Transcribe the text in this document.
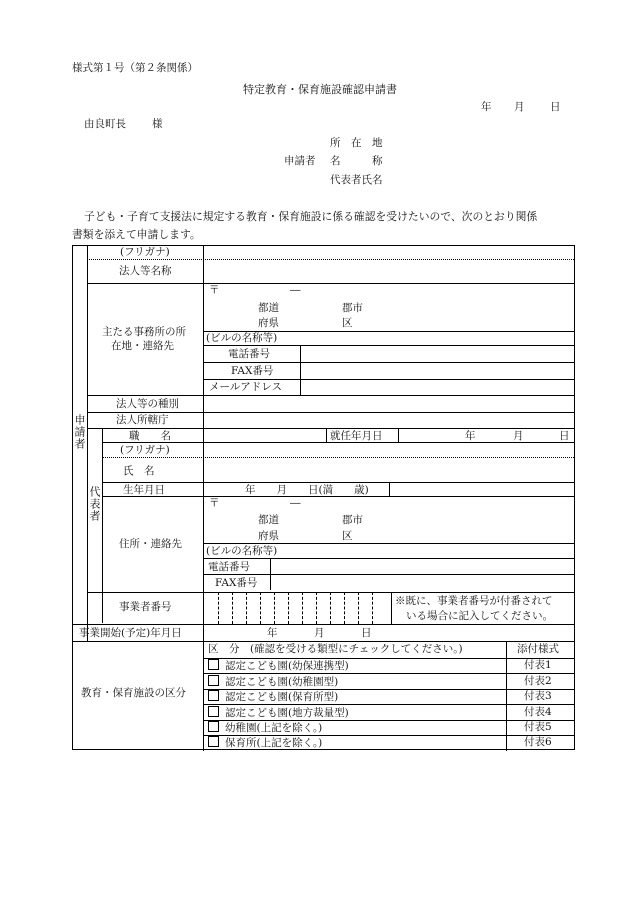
様式第１号（第２条関係）
特定教育・保育施設確認申請書
年 月 日
由良町長 様
所　在　地
申請者 名　　　称
代表者氏名
子ども・子育て支援法に規定する教育・保育施設に係る確認を受けたいので、次のとおり関係
書類を添えて申請します。
申請者
代表者
(フリガナ)
法人等名称
主たる事務所の所
在地・連絡先
〒	―
都道
府県
郡市
区
(ビルの名称等)
電話番号
FAX番号
メールアドレス
法人等の種別
法人所轄庁
職　　名	就任年月日	年	月	日
(フリガナ)
氏　名
生年月日	年　　月　　日(満　　歳)
〒	―
都道
府県
郡市
区
住所・連絡先
(ビルの名称等)
電話番号
FAX番号
事業者番号	※既に、事業者番号が付番されて
いる場合に記入してください。
事業開始(予定)年月日	年	月	日
教育・保育施設の区分
区　分　(確認を受ける類型にチェックしてください。)	添付様式
認定こども園(幼保連携型)	付表1
認定こども園(幼稚園型)	付表2
認定こども園(保育所型)	付表3
認定こども園(地方裁量型)	付表4
幼稚園(上記を除く。)	付表5
保育所(上記を除く。)	付表6
